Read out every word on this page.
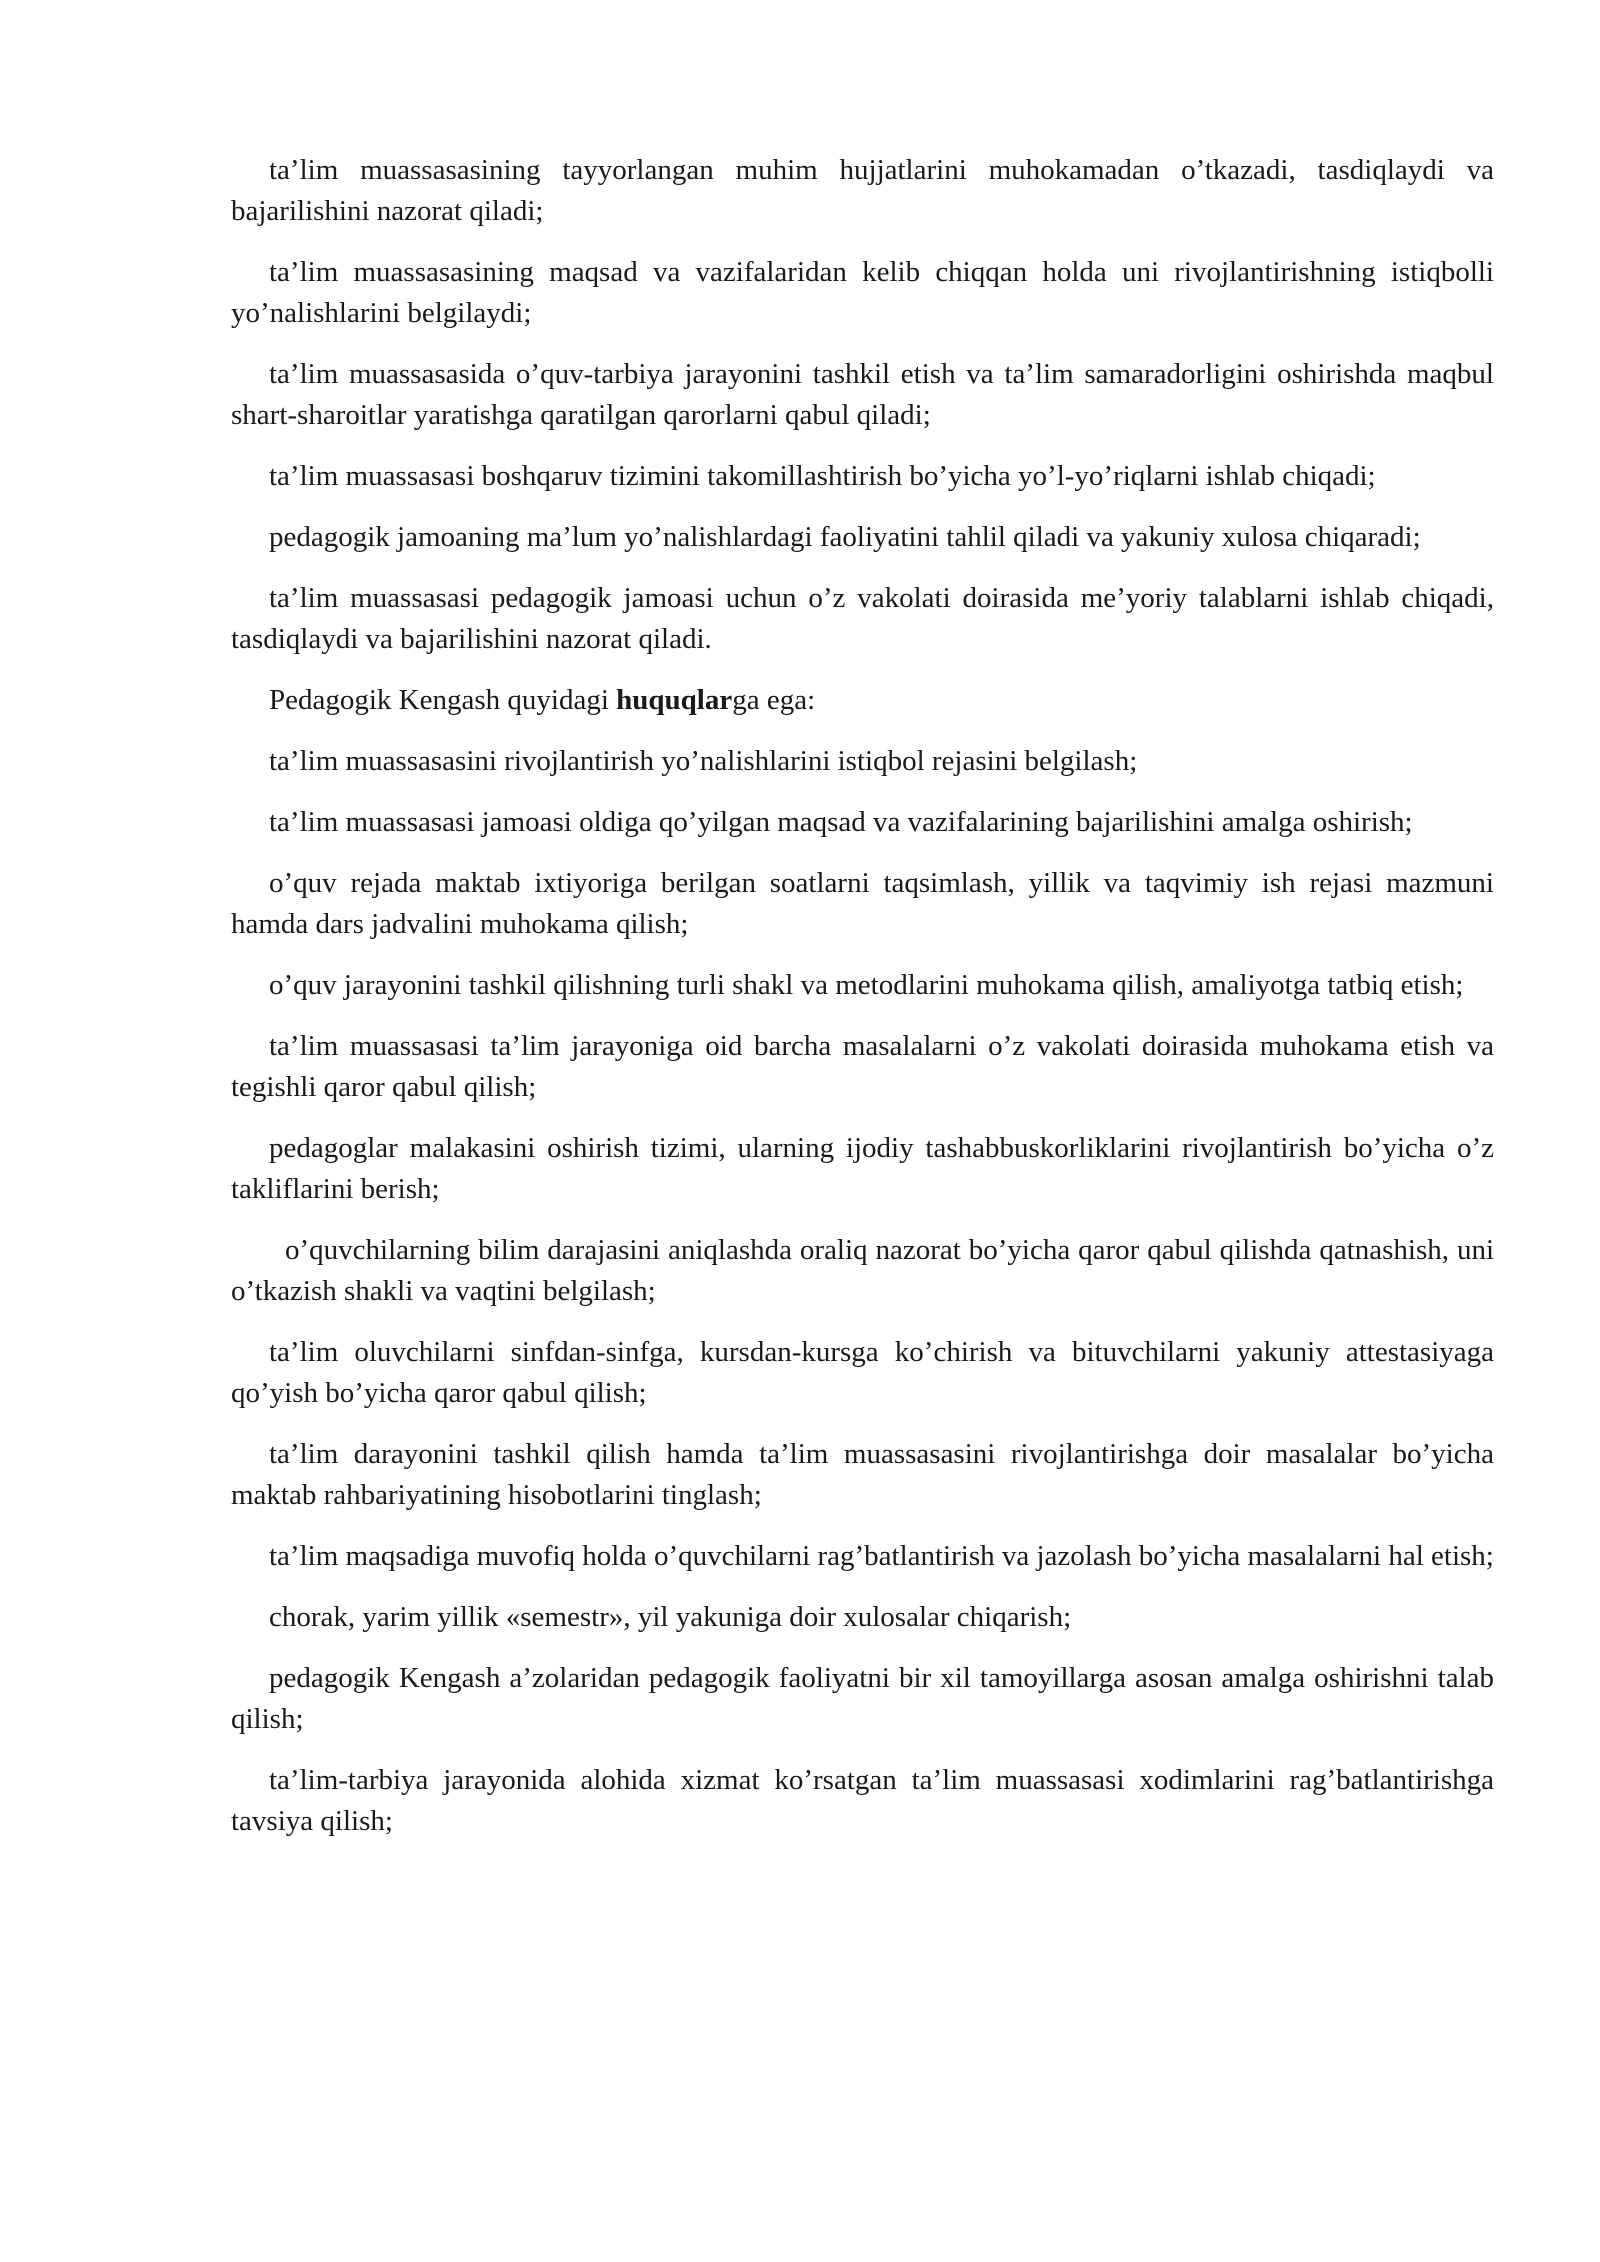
ta’lim muassasasining tayyorlangan muhim hujjatlarini muhokamadan o’tkazadi, tasdiqlaydi va bajarilishini nazorat qiladi;

ta’lim muassasasining maqsad va vazifalaridan kelib chiqqan holda uni rivojlantirishning istiqbolli yo’nalishlarini belgilaydi;

ta’lim muassasasida o’quv-tarbiya jarayonini tashkil etish va ta’lim samaradorligini oshirishda maqbul shart-sharoitlar yaratishga qaratilgan qarorlarni qabul qiladi;

ta’lim muassasasi boshqaruv tizimini takomillashtirish bo’yicha yo’l-yo’riqlarni ishlab chiqadi;

pedagogik jamoaning ma’lum yo’nalishlardagi faoliyatini tahlil qiladi va yakuniy xulosa chiqaradi;

ta’lim muassasasi pedagogik jamoasi uchun o’z vakolati doirasida me’yoriy talablarni ishlab chiqadi, tasdiqlaydi va bajarilishini nazorat qiladi.

Pedagogik Kengash quyidagi huquqlarga ega:

ta’lim muassasasini rivojlantirish yo’nalishlarini istiqbol rejasini belgilash;

ta’lim muassasasi jamoasi oldiga qo’yilgan maqsad va vazifalarining bajarilishini amalga oshirish;

o’quv rejada maktab ixtiyoriga berilgan soatlarni taqsimlash, yillik va taqvimiy ish rejasi mazmuni hamda dars jadvalini muhokama qilish;

o’quv jarayonini tashkil qilishning turli shakl va metodlarini muhokama qilish, amaliyotga tatbiq etish;

ta’lim muassasasi ta’lim jarayoniga oid barcha masalalarni o’z vakolati doirasida muhokama etish va tegishli qaror qabul qilish;

pedagoglar malakasini oshirish tizimi, ularning ijodiy tashabbuskorliklarini rivojlantirish bo’yicha o’z takliflarini berish;

o’quvchilarning bilim darajasini aniqlashda oraliq nazorat bo’yicha qaror qabul qilishda qatnashish, uni o’tkazish shakli va vaqtini belgilash;

ta’lim oluvchilarni sinfdan-sinfga, kursdan-kursga ko’chirish va bituvchilarni yakuniy attestasiyaga qo’yish bo’yicha qaror qabul qilish;

ta’lim darayonini tashkil qilish hamda ta’lim muassasasini rivojlantirishga doir masalalar bo’yicha maktab rahbariyatining hisobotlarini tinglash;

ta’lim maqsadiga muvofiq holda o’quvchilarni rag’batlantirish va jazolash bo’yicha masalalarni hal etish;

chorak, yarim yillik «semestr», yil yakuniga doir xulosalar chiqarish;

pedagogik Kengash a’zolaridan pedagogik faoliyatni bir xil tamoyillarga asosan amalga oshirishni talab qilish;

ta’lim-tarbiya jarayonida alohida xizmat ko’rsatgan ta’lim muassasasi xodimlarini rag’batlantirishga tavsiya qilish;
